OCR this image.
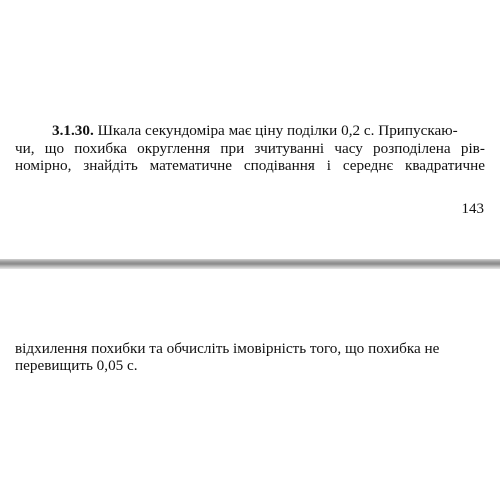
3.1.30. Шкала секундоміра має ціну поділки 0,2 с. Припускаю-
чи, що похибка округлення при зчитуванні часу розподілена рів-
номірно, знайдіть математичне сподівання і середнє квадратичне
143
відхилення похибки та обчисліть імовірність того, що похибка не
перевищить 0,05 с.
